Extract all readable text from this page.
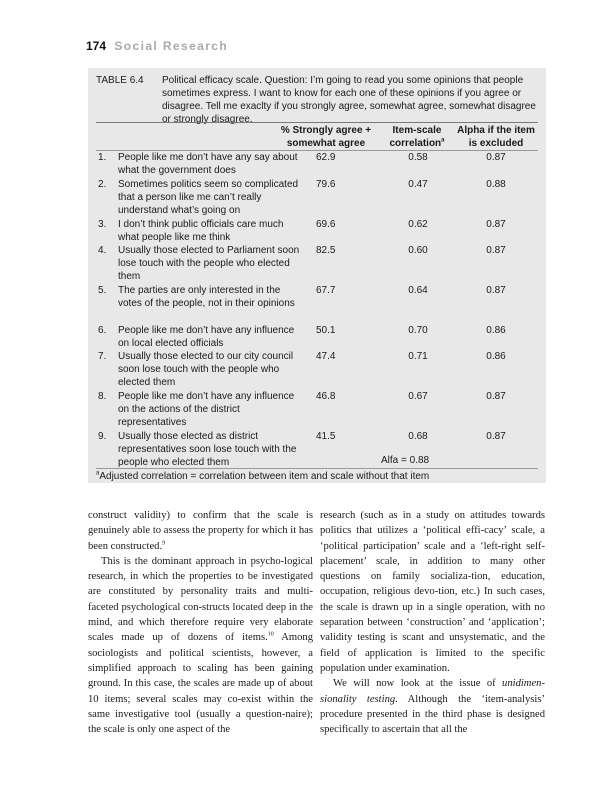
174 Social Research
TABLE 6.4 Political efficacy scale. Question: I’m going to read you some opinions that people sometimes express. I want to know for each one of these opinions if you agree or disagree. Tell me exaclty if you strongly agree, somewhat agree, somewhat disagree or strongly disagree.
% Strongly agree +
somewhat agree
Item-scale
correlation$^a$
Alpha if the item
is excluded
1.	People like me don’t have any say about what the government does
62.9	0.58	0.87
2.	Sometimes politics seem so complicated that a person like me can’t really understand what’s going on
79.6	0.47	0.88
3.	I don’t think public officials care much what people like me think
69.6	0.62	0.87
4.	Usually those elected to Parliament soon lose touch with the people who elected them
82.5	0.60	0.87
5.	The parties are only interested in the votes of the people, not in their opinions
67.7	0.64	0.87
6.	People like me don’t have any influence on local elected officials
50.1	0.70	0.86
7.	Usually those elected to our city council soon lose touch with the people who elected them
47.4	0.71	0.86
8.	People like me don’t have any influence on the actions of the district representatives
46.8	0.67	0.87
9.	Usually those elected as district representatives soon lose touch with the people who elected them
41.5	0.68	0.87
Alfa = 0.88
$^a$Adjusted correlation = correlation between item and scale without that item

construct validity) to confirm that the scale is genuinely able to assess the property for which it has been constructed.$^9$

This is the dominant approach in psycho-logical research, in which the properties to be investigated are constituted by personality traits and multi-faceted psychological con-structs located deep in the mind, and which therefore require very elaborate scales made up of dozens of items.$^{10}$ Among sociologists and political scientists, however, a simplified approach to scaling has been gaining ground. In this case, the scales are made up of about 10 items; several scales may co-exist within the same investigative tool (usually a question-naire); the scale is only one aspect of the

research (such as in a study on attitudes towards politics that utilizes a ‘political effi-cacy’ scale, a ‘political participation’ scale and a ‘left-right self-placement’ scale, in addition to many other questions on family socializa-tion, education, occupation, religious devo-tion, etc.) In such cases, the scale is drawn up in a single operation, with no separation between ‘construction’ and ‘application’; validity testing is scant and unsystematic, and the field of application is limited to the specific population under examination.

We will now look at the issue of unidimen-sionality testing. Although the ‘item-analysis’ procedure presented in the third phase is designed specifically to ascertain that all the
